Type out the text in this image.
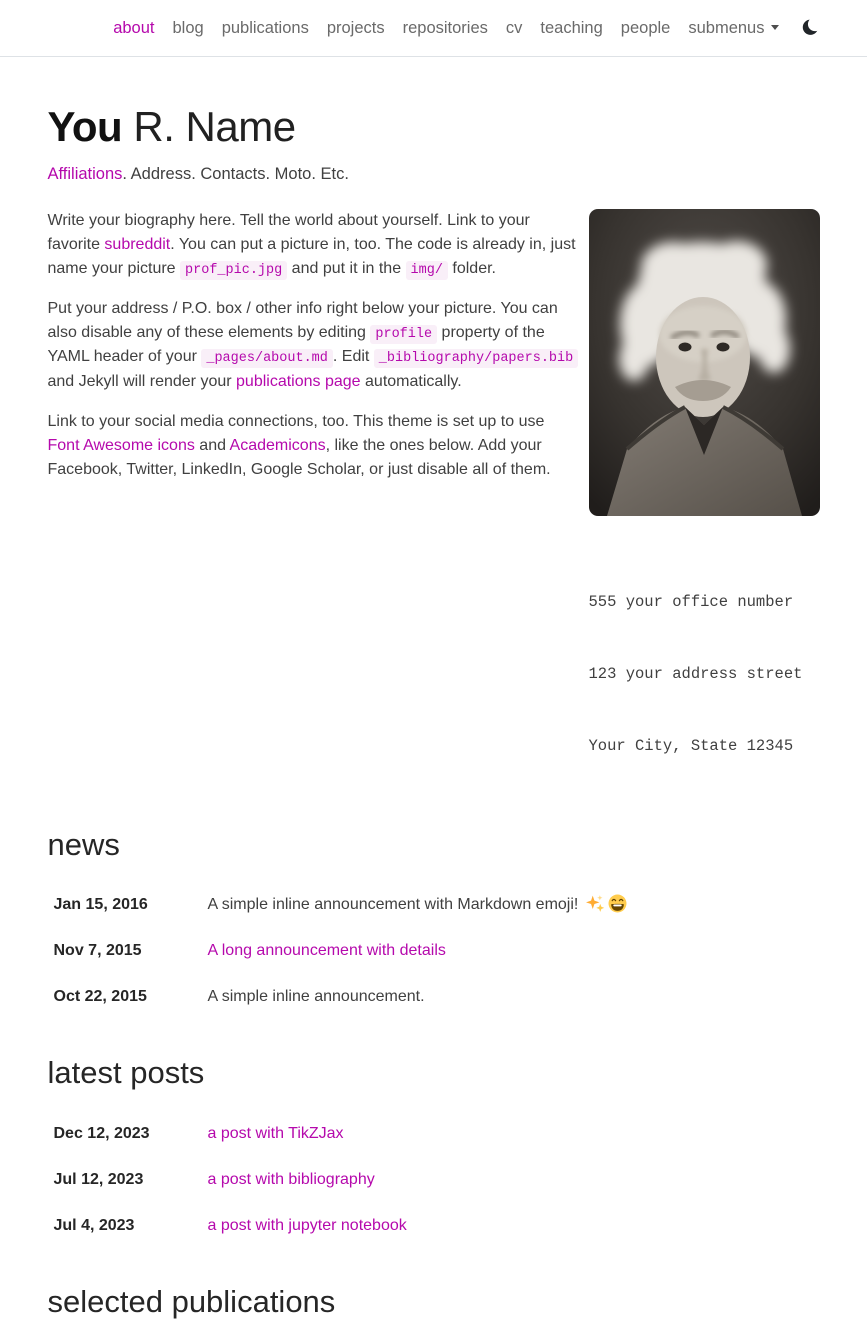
about blog publications projects repositories cv teaching people submenus
You R. Name

Affiliations. Address. Contacts. Moto. Etc.

Write your biography here. Tell the world about yourself. Link to your favorite subreddit. You can put a picture in, too. The code is already in, just name your picture prof_pic.jpg and put it in the img/ folder.

Put your address / P.O. box / other info right below your picture. You can also disable any of these elements by editing profile property of the YAML header of your _pages/about.md . Edit _bibliography/papers.bib and Jekyll will render your publications page automatically.

Link to your social media connections, too. This theme is set up to use Font Awesome icons and Academicons, like the ones below. Add your Facebook, Twitter, LinkedIn, Google Scholar, or just disable all of them.

555 your office number

123 your address street

Your City, State 12345

news
Jan 15, 2016	A simple inline announcement with Markdown emoji!
Nov 7, 2015	A long announcement with details
Oct 22, 2015	A simple inline announcement.
latest posts
Dec 12, 2023	a post with TikZJax
Jul 12, 2023	a post with bibliography
Jul 4, 2023	a post with jupyter notebook
selected publications
